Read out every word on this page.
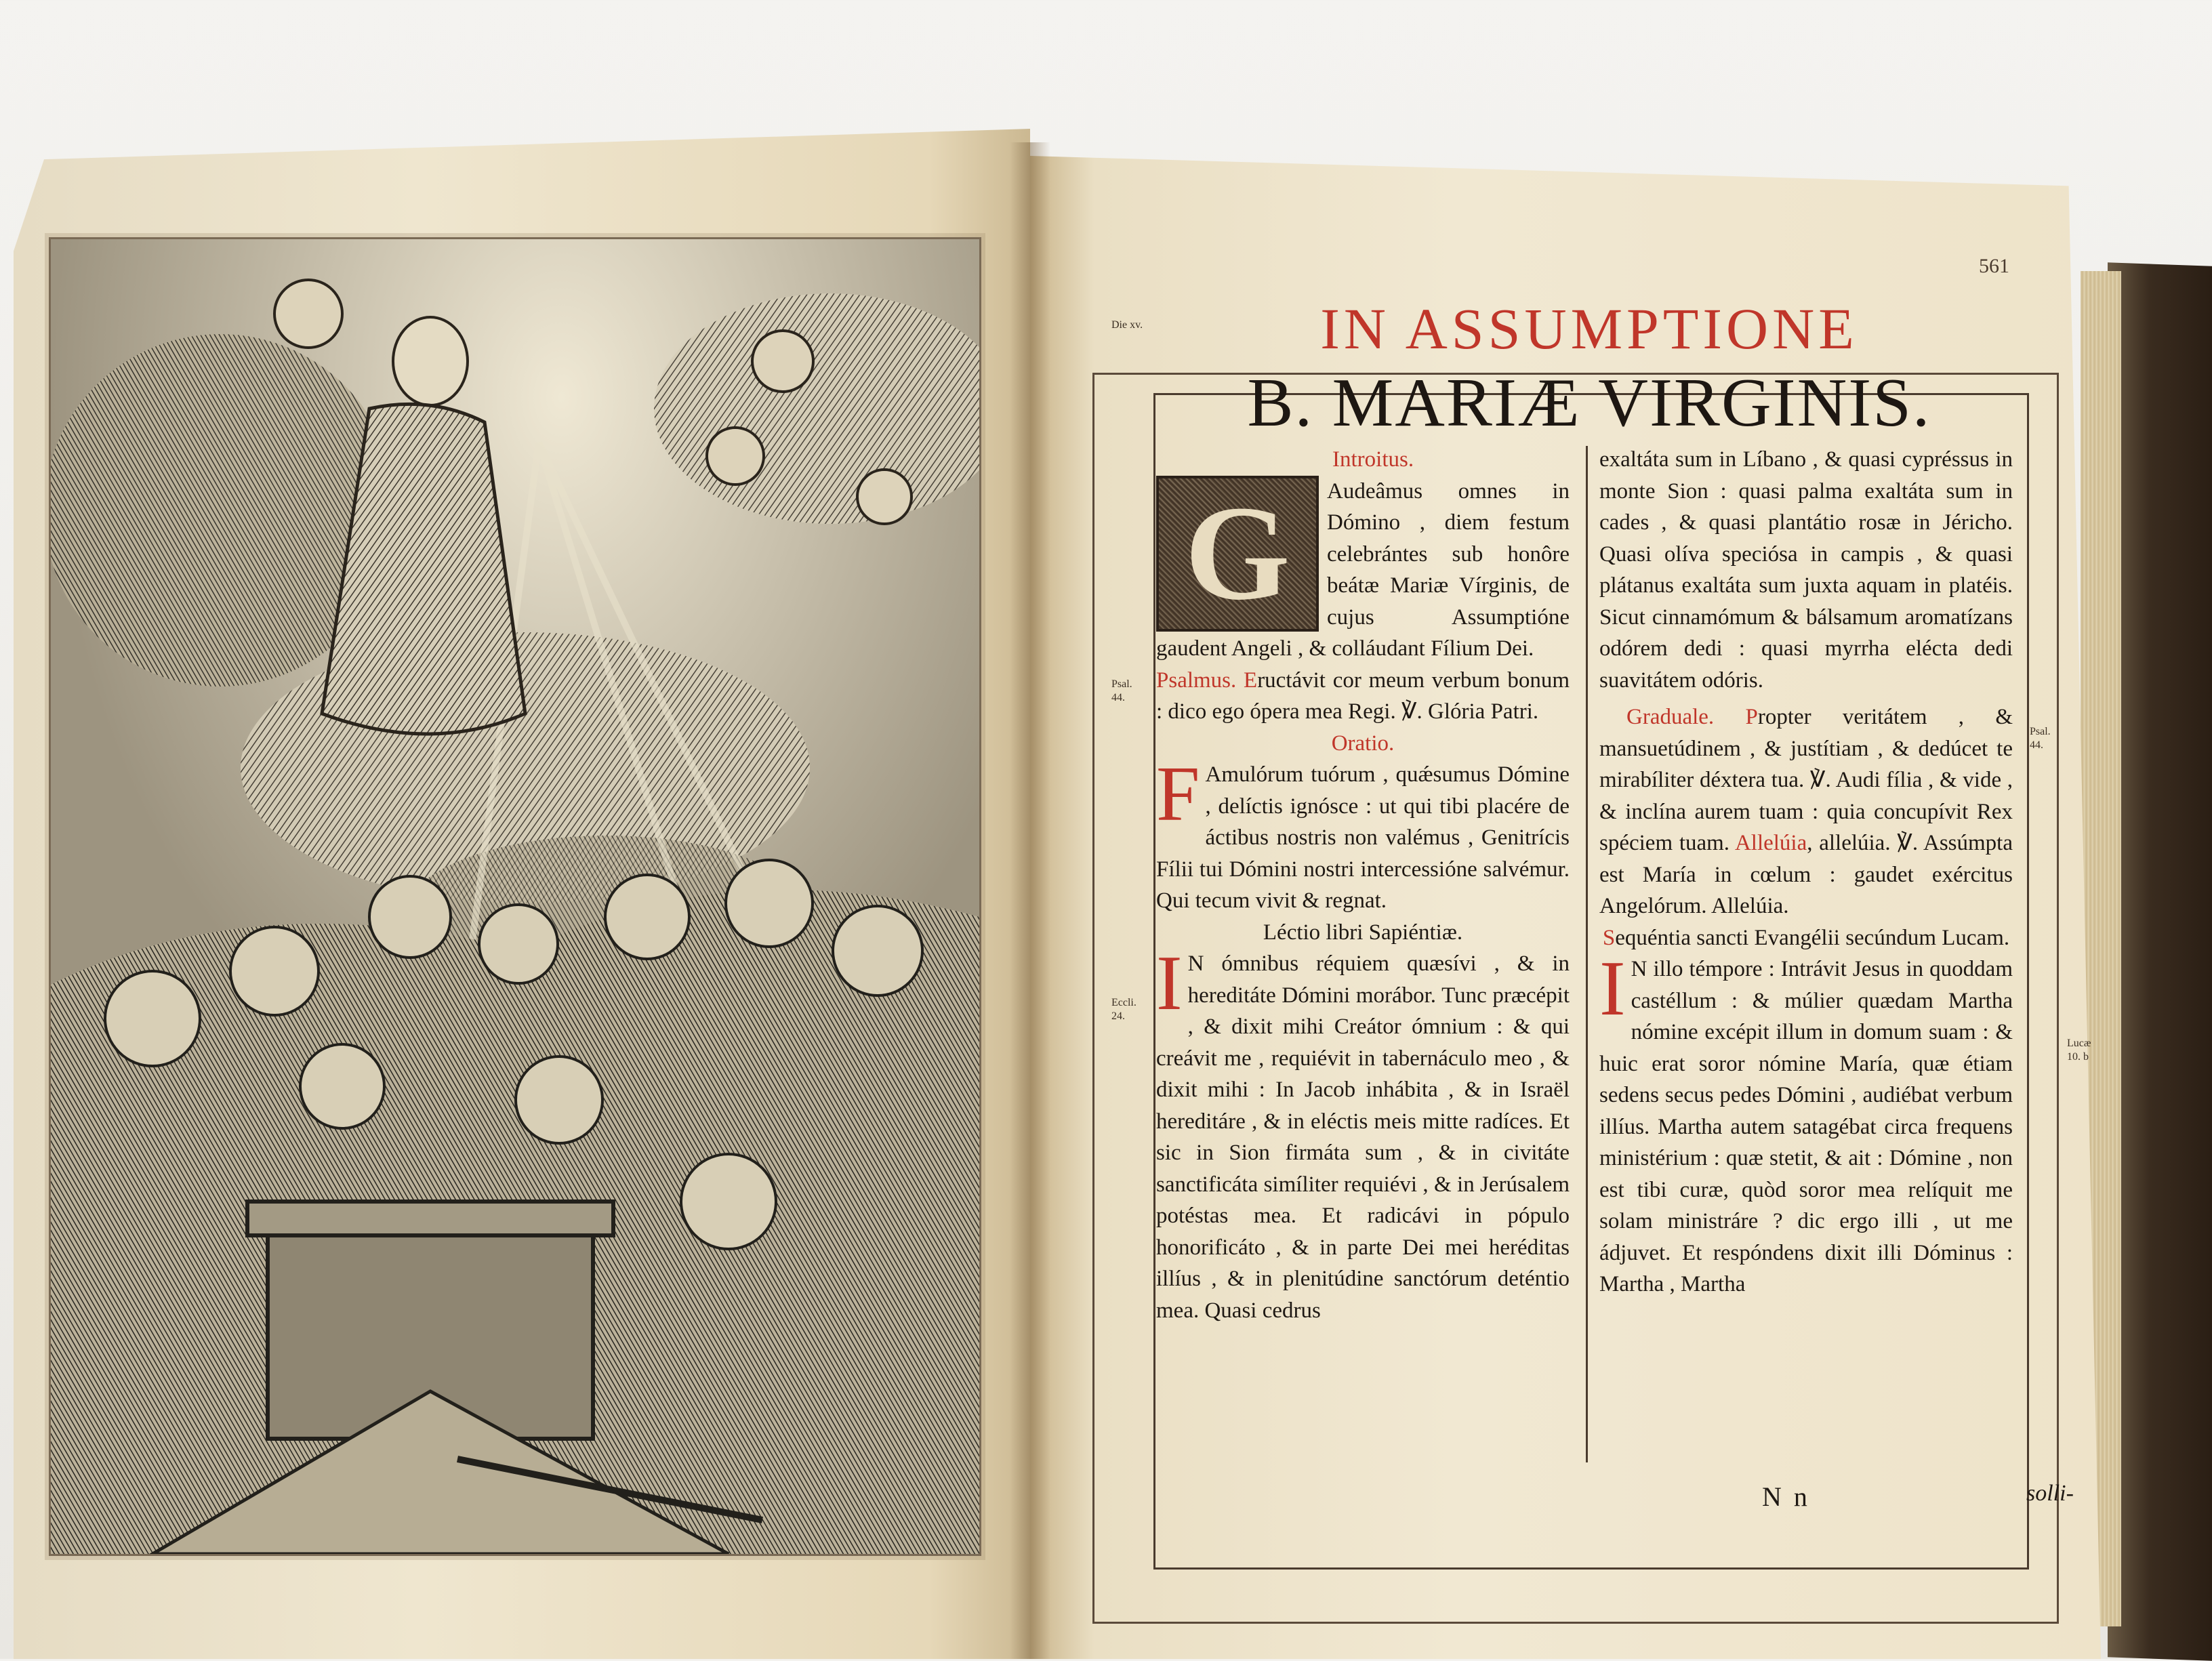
561
IN ASSUMPTIONE
B. MARIÆ VIRGINIS.
Die xv.
Psal. 44.
Eccli. 24.
Psal. 44.
Lucæ 10. b
Introitus.
G	Audeâmus omnes in Dómino , diem festum celebrántes sub honôre beátæ Mariæ Vírginis, de cujus Assumptióne gaudent Angeli , & colláudant Fílium Dei.

Psalmus. Eructávit cor meum verbum bonum : dico ego ópera mea Regi. ℣. Glória Patri.

Oratio.

F Amulórum tuórum , quǽsumus Dómine , delíctis ignósce : ut qui tibi placére de áctibus nostris non valémus , Genitrícis Fílii tui Dómini nostri intercessióne salvémur. Qui tecum vivit & regnat.

Léctio libri Sapiéntiæ.

I N ómnibus réquiem quæsívi , & in hereditáte Dómini morábor. Tunc præcépit , & dixit mihi Creátor ómnium : & qui creávit me , requiévit in tabernáculo meo , & dixit mihi : In Jacob inhábita , & in Israël hereditáre , & in eléctis meis mitte radíces. Et sic in Sion firmáta sum , & in civitáte sanctificáta simíliter requiévi , & in Jerúsalem potéstas mea. Et radicávi in pópulo honorificáto , & in parte Dei mei heréditas illíus , & in plenitúdine sanctórum deténtio mea. Quasi cedrus

exaltáta sum in Líbano , & quasi cypréssus in monte Sion : quasi palma exaltáta sum in cades , & quasi plantátio rosæ in Jéricho. Quasi olíva speciósa in campis , & quasi plátanus exaltáta sum juxta aquam in platéis. Sicut cinnamómum & bálsamum aromatízans odórem dedi : quasi myrrha elécta dedi suavitátem odóris.

Graduale. Propter veritátem , & mansuetúdinem , & justítiam , & dedúcet te mirabíliter déxtera tua. ℣. Audi fília , & vide , & inclína aurem tuam : quia concupívit Rex spéciem tuam. Allelúia, allelúia. ℣. Assúmpta est María in cœlum : gaudet exércitus Angelórum. Allelúia.

Sequéntia sancti Evangélii secúndum Lucam.

I N illo témpore : Intrávit Jesus in quoddam castéllum : & múlier quædam Martha nómine excépit illum in domum suam : & huic erat soror nómine María, quæ étiam sedens secus pedes Dómini , audiébat verbum illíus. Martha autem satagébat circa frequens ministérium : quæ stetit, & ait : Dómine , non est tibi curæ, quòd soror mea relíquit me solam ministráre ? dic ergo illi , ut me ádjuvet. Et respóndens dixit illi Dóminus : Martha , Martha

N n	solli-
